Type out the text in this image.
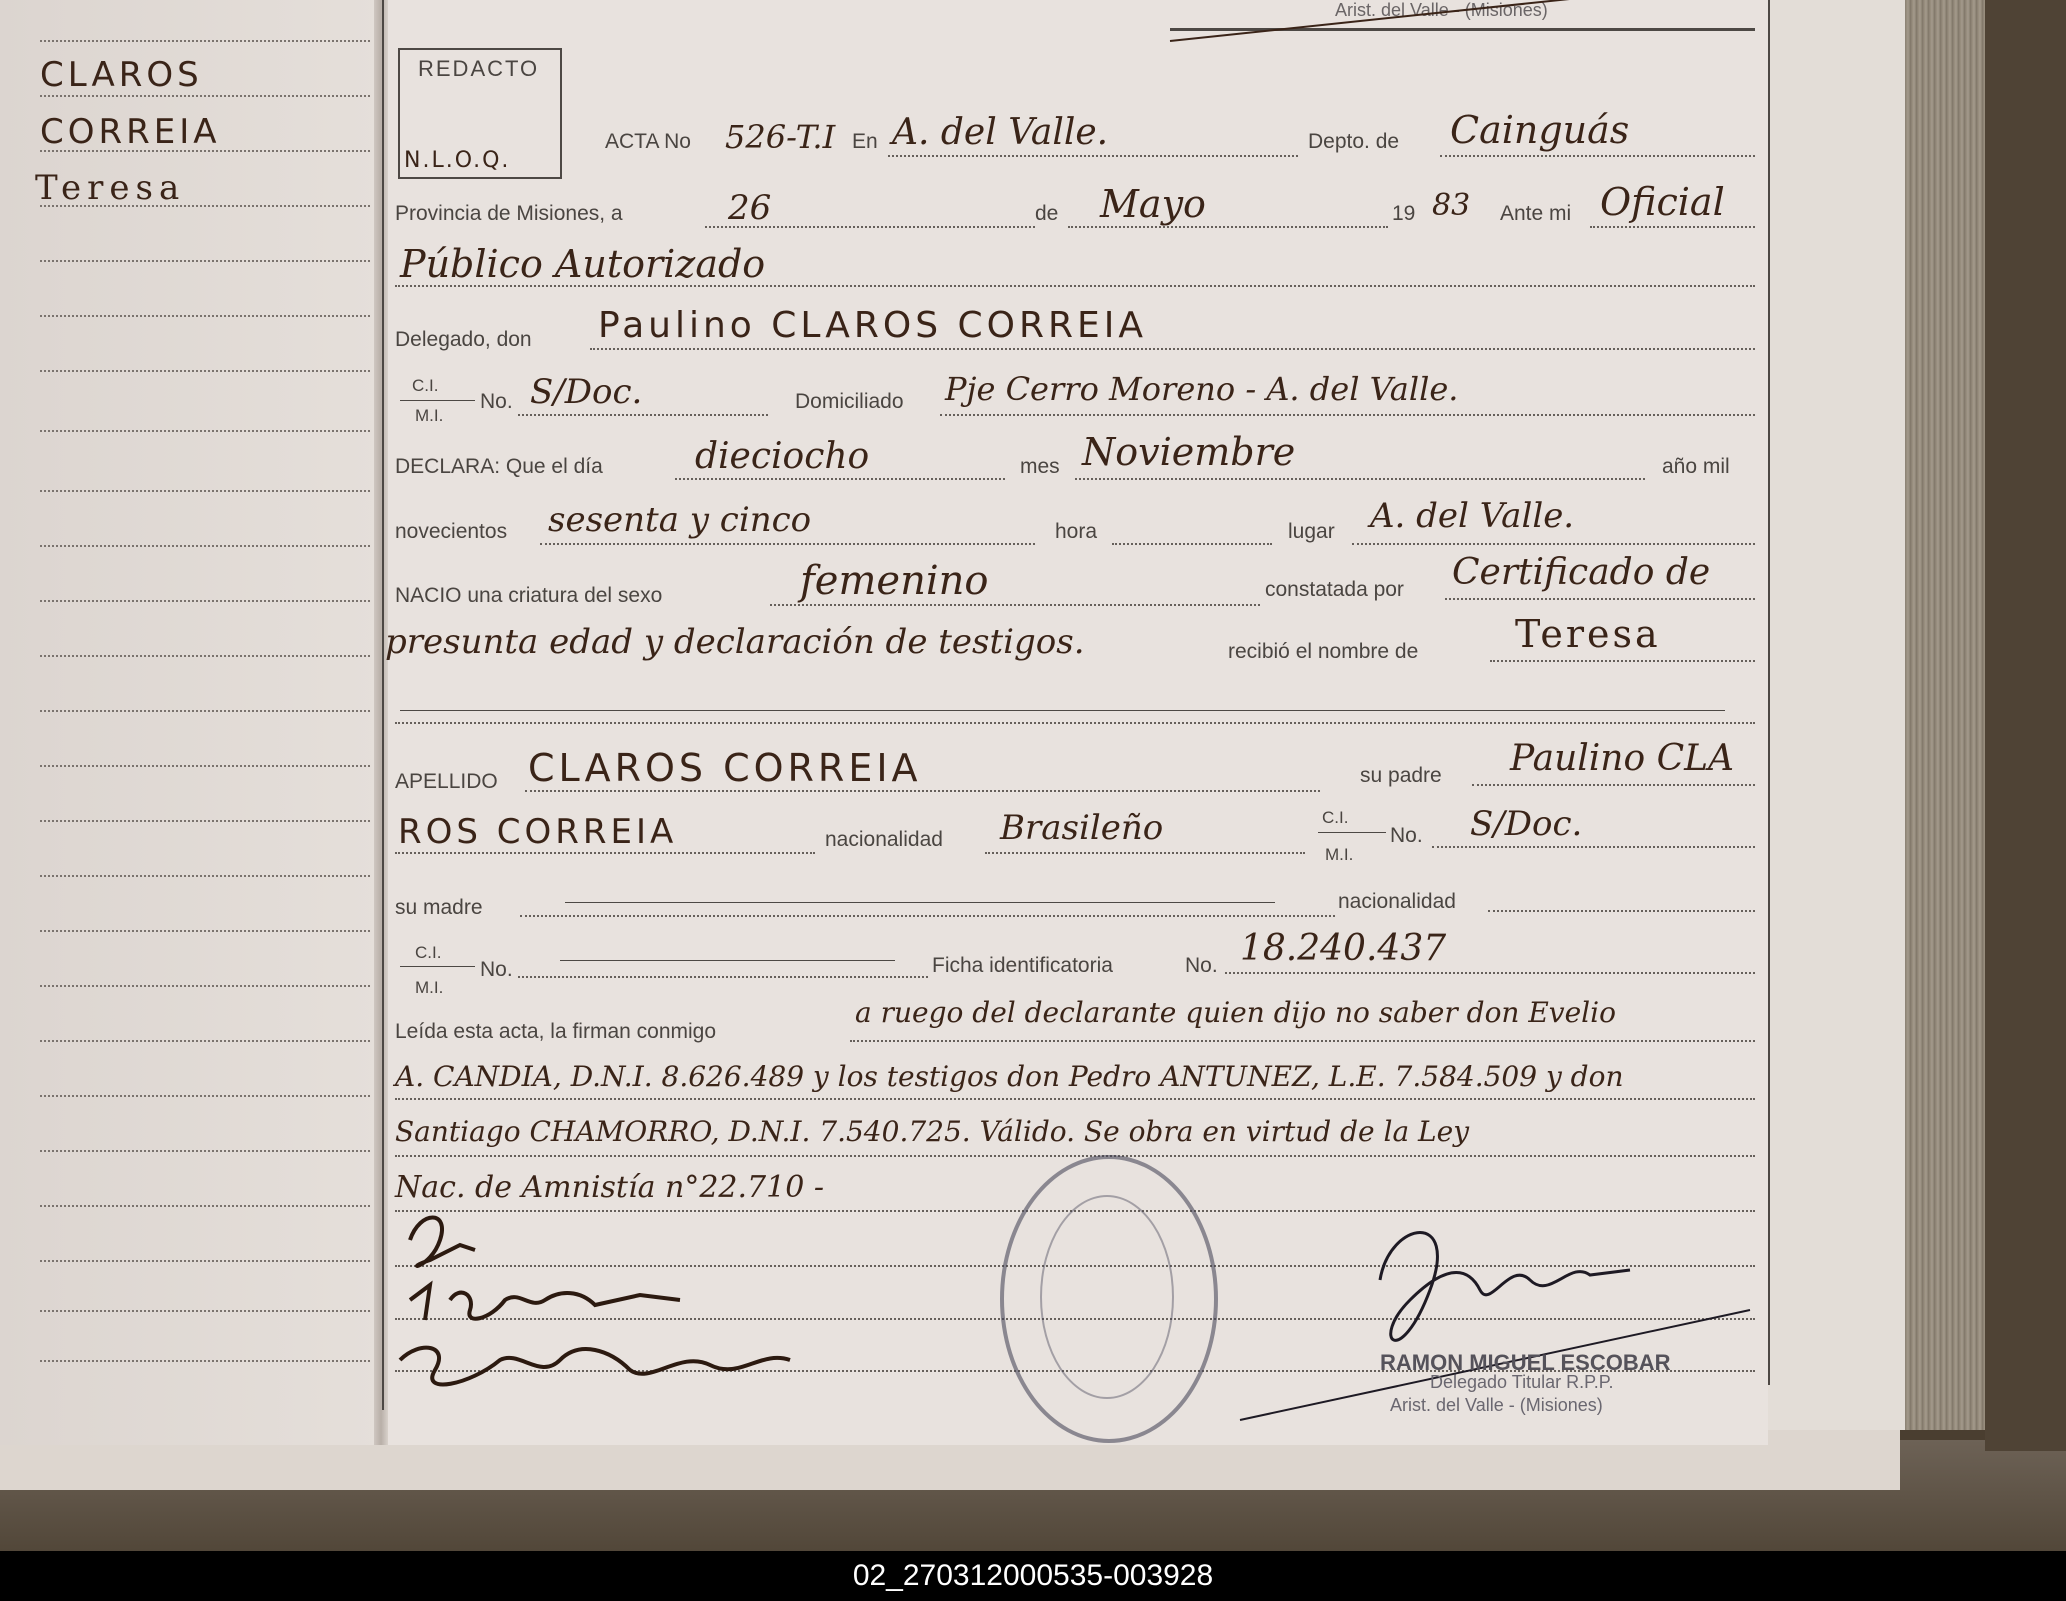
CLAROS
CORREIA
Teresa
Arist. del Valle - (Misiones)
REDACTO
N.L.O.Q.
ACTA No 526-T.I En A. del Valle.	Depto. de Cainguás
Provincia de Misiones, a	26	de Mayo	19 83 Ante mi Oficial
Público Autorizado
Delegado, don Paulino CLAROS CORREIA
C.I.
M.I.
No. S/Doc.	Domiciliado Pje Cerro Moreno - A. del Valle.
DECLARA: Que el día	dieciocho	mes Noviembre	año mil
novecientos sesenta y cinco	hora	lugar A. del Valle.
NACIO una criatura del sexo	femenino	constatada por Certificado de
presunta edad y declaración de testigos.	recibió el nombre de	Teresa
APELLIDO CLAROS CORREIA	su padre Paulino CLA
ROS CORREIA	nacionalidad Brasileño	C.I.
M.I.
No. S/Doc.
su madre	nacionalidad
C.I.
M.I.
No.	Ficha identificatoria	No. 18.240.437
Leída esta acta, la firman conmigo
a ruego del declarante quien dijo no saber don Evelio
A. CANDIA, D.N.I. 8.626.489 y los testigos don Pedro ANTUNEZ, L.E. 7.584.509 y don
Santiago CHAMORRO, D.N.I. 7.540.725. Válido. Se obra en virtud de la Ley
Nac. de Amnistía n°22.710 -
RAMON MIGUEL ESCOBAR
Delegado Titular R.P.P.
Arist. del Valle - (Misiones)
02_270312000535-003928
